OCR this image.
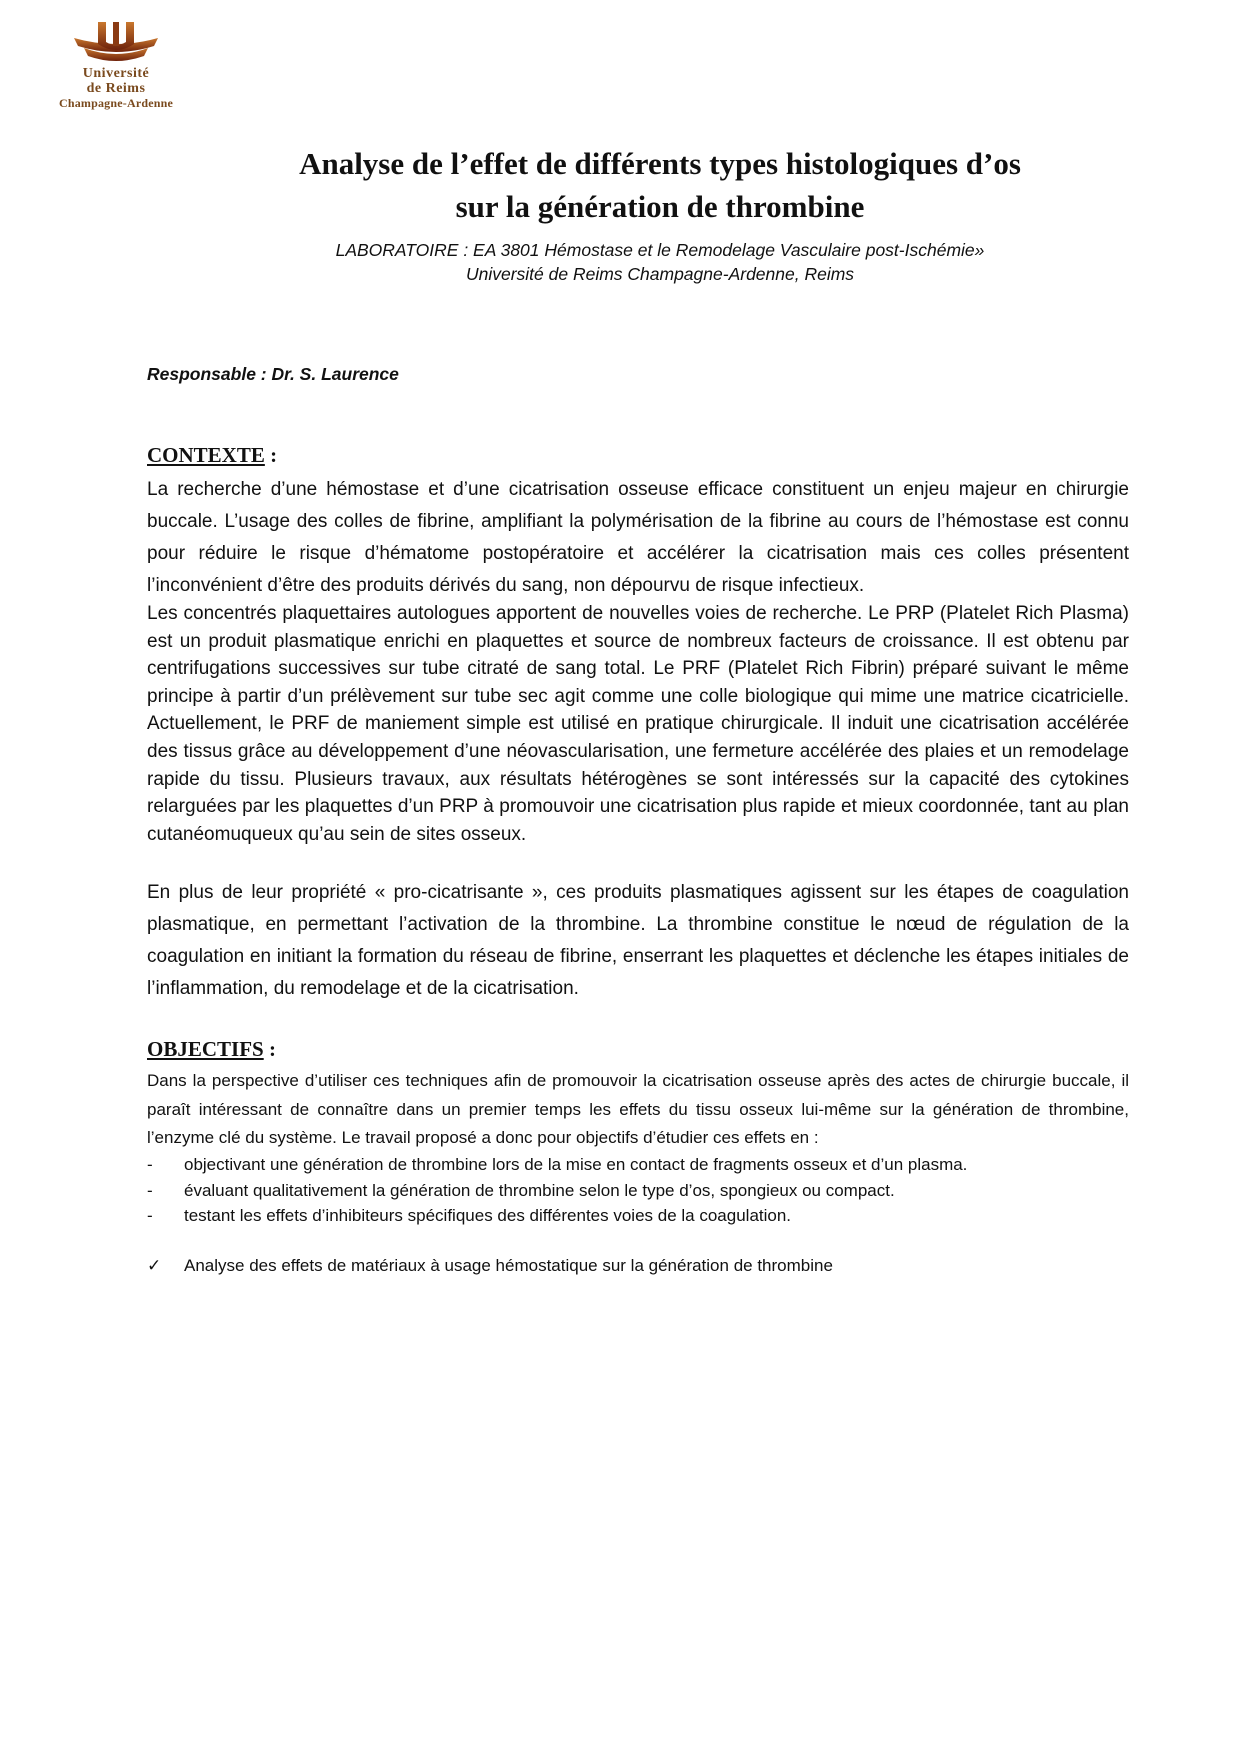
Université
de Reims
Champagne-Ardenne
Analyse de l’effet de différents types histologiques d’os
sur la génération de thrombine
LABORATOIRE : EA 3801 Hémostase et le Remodelage Vasculaire post-Ischémie»
Université de Reims Champagne-Ardenne, Reims
Responsable : Dr. S. Laurence
CONTEXTE :

La recherche d’une hémostase et d’une cicatrisation osseuse efficace constituent un enjeu majeur en chirurgie buccale. L’usage des colles de fibrine, amplifiant la polymérisation de la fibrine au cours de l’hémostase est connu pour réduire le risque d’hématome postopératoire et accélérer la cicatrisation mais ces colles présentent l’inconvénient d’être des produits dérivés du sang, non dépourvu de risque infectieux.

Les concentrés plaquettaires autologues apportent de nouvelles voies de recherche. Le PRP (Platelet Rich Plasma) est un produit plasmatique enrichi en plaquettes et source de nombreux facteurs de croissance. Il est obtenu par centrifugations successives sur tube citraté de sang total. Le PRF (Platelet Rich Fibrin) préparé suivant le même principe à partir d’un prélèvement sur tube sec agit comme une colle biologique qui mime une matrice cicatricielle. Actuellement, le PRF de maniement simple est utilisé en pratique chirurgicale. Il induit une cicatrisation accélérée des tissus grâce au développement d’une néovascularisation, une fermeture accélérée des plaies et un remodelage rapide du tissu. Plusieurs travaux, aux résultats hétérogènes se sont intéressés sur la capacité des cytokines relarguées par les plaquettes d’un PRP à promouvoir une cicatrisation plus rapide et mieux coordonnée, tant au plan cutanéomuqueux qu’au sein de sites osseux.

En plus de leur propriété « pro-cicatrisante », ces produits plasmatiques agissent sur les étapes de coagulation plasmatique, en permettant l’activation de la thrombine. La thrombine constitue le nœud de régulation de la coagulation en initiant la formation du réseau de fibrine, enserrant les plaquettes et déclenche les étapes initiales de l’inflammation, du remodelage et de la cicatrisation.

OBJECTIFS :

Dans la perspective d’utiliser ces techniques afin de promouvoir la cicatrisation osseuse après des actes de chirurgie buccale, il paraît intéressant de connaître dans un premier temps les effets du tissu osseux lui-même sur la génération de thrombine, l’enzyme clé du système. Le travail proposé a donc pour objectifs d’étudier ces effets en :

- objectivant une génération de thrombine lors de la mise en contact de fragments osseux et d’un plasma.
- évaluant qualitativement la génération de thrombine selon le type d’os, spongieux ou compact.
- testant les effets d’inhibiteurs spécifiques des différentes voies de la coagulation.
✓ Analyse des effets de matériaux à usage hémostatique sur la génération de thrombine
